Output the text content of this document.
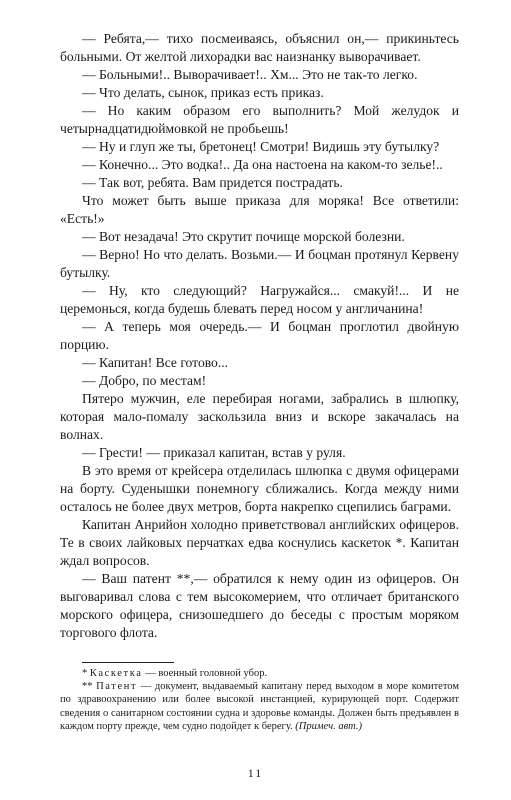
— Ребята,— тихо посмеиваясь, объяснил он,— прикиньтесь больными. От желтой лихорадки вас наизнанку выворачивает.

— Больными!.. Выворачивает!.. Хм... Это не так-то легко.

— Что делать, сынок, приказ есть приказ.

— Но каким образом его выполнить? Мой желудок и четырнадцатидюймовкой не пробьешь!

— Ну и глуп же ты, бретонец! Смотри! Видишь эту бутылку?

— Конечно... Это водка!.. Да она настоена на каком-то зелье!..

— Так вот, ребята. Вам придется пострадать.

Что может быть выше приказа для моряка! Все ответили: «Есть!»

— Вот незадача! Это скрутит почище морской болезни.

— Верно! Но что делать. Возьми.— И боцман протянул Кервену бутылку.

— Ну, кто следующий? Нагружайся... смакуй!... И не церемонься, когда будешь блевать перед носом у англичанина!

— А теперь моя очередь.— И боцман проглотил двойную порцию.

— Капитан! Все готово...

— Добро, по местам!

Пятеро мужчин, еле перебирая ногами, забрались в шлюпку, которая мало-помалу заскользила вниз и вскоре закачалась на волнах.

— Грести! — приказал капитан, встав у руля.

В это время от крейсера отделилась шлюпка с двумя офицерами на борту. Суденышки понемногу сближались. Когда между ними осталось не более двух метров, борта накрепко сцепились баграми.

Капитан Анрийон холодно приветствовал английских офицеров. Те в своих лайковых перчатках едва коснулись каскеток *. Капитан ждал вопросов.

— Ваш патент **,— обратился к нему один из офицеров. Он выговаривал слова с тем высокомерием, что отличает британского морского офицера, снизошедшего до беседы с простым моряком торгового флота.

* Каскетка — военный головной убор.

** Патент — документ, выдаваемый капитану перед выходом в море комитетом по здравоохранению или более высокой инстанцией, курирующей порт. Содержит сведения о санитарном состоянии судна и здоровье команды. Должен быть предъявлен в каждом порту прежде, чем судно подойдет к берегу. (Примеч. авт.)

11
